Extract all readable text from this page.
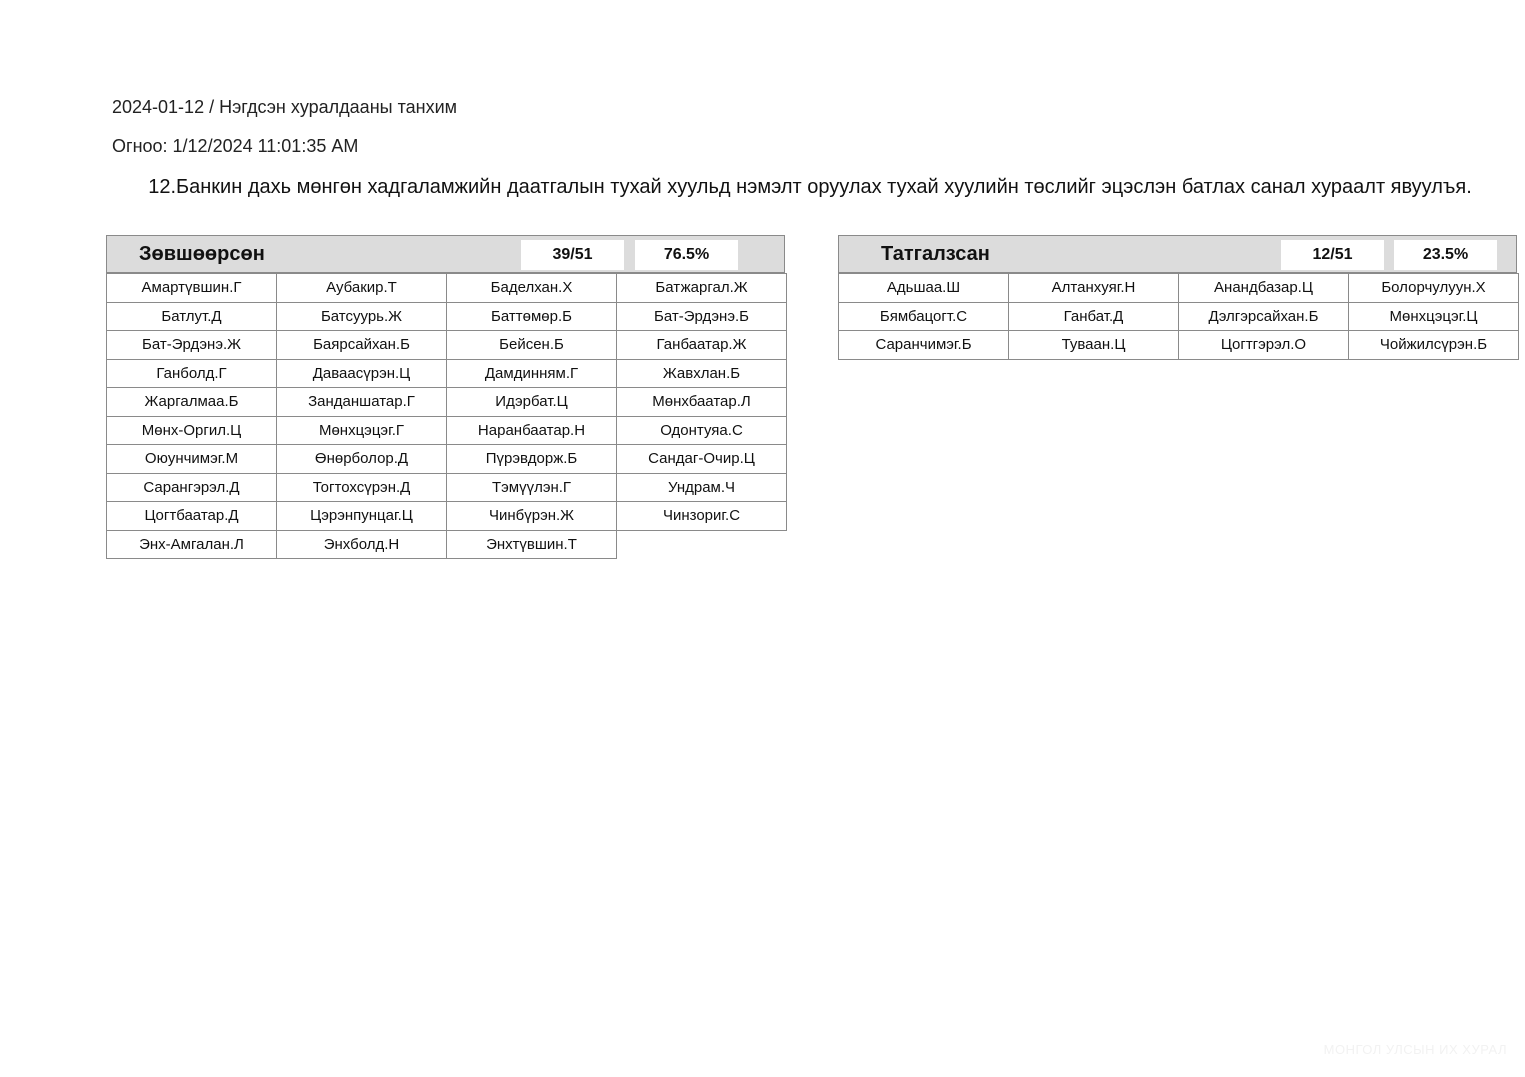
2024-01-12 / Нэгдсэн хуралдааны танхим
Огноо: 1/12/2024 11:01:35 AM
12.Банкин дахь мөнгөн хадгаламжийн даатгалын тухай хуульд нэмэлт оруулах тухай хуулийн төслийг эцэслэн батлах санал хураалт явуулъя.
Зөвшөөрсөн	39/51	76.5%
Амартүвшин.Г	Аубакир.Т	Баделхан.Х	Батжаргал.Ж
Батлут.Д	Батсуурь.Ж	Баттөмөр.Б	Бат-Эрдэнэ.Б
Бат-Эрдэнэ.Ж	Баярсайхан.Б	Бейсен.Б	Ганбаатар.Ж
Ганболд.Г	Даваасүрэн.Ц	Дамдинням.Г	Жавхлан.Б
Жаргалмаа.Б	Занданшатар.Г	Идэрбат.Ц	Мөнхбаатар.Л
Мөнх-Оргил.Ц	Мөнхцэцэг.Г	Наранбаатар.Н	Одонтуяа.С
Оюунчимэг.М	Өнөрболор.Д	Пүрэвдорж.Б	Сандаг-Очир.Ц
Сарангэрэл.Д	Тогтохсүрэн.Д	Тэмүүлэн.Г	Ундрам.Ч
Цогтбаатар.Д	Цэрэнпунцаг.Ц	Чинбүрэн.Ж	Чинзориг.С
Энх-Амгалан.Л	Энхболд.Н	Энхтүвшин.Т
Татгалзсан	12/51	23.5%
Адьшаа.Ш	Алтанхуяг.Н	Анандбазар.Ц	Болорчулуун.Х
Бямбацогт.С	Ганбат.Д	Дэлгэрсайхан.Б	Мөнхцэцэг.Ц
Саранчимэг.Б	Туваан.Ц	Цогтгэрэл.О	Чойжилсүрэн.Б
МОНГОЛ УЛСЫН ИХ ХУРАЛ
